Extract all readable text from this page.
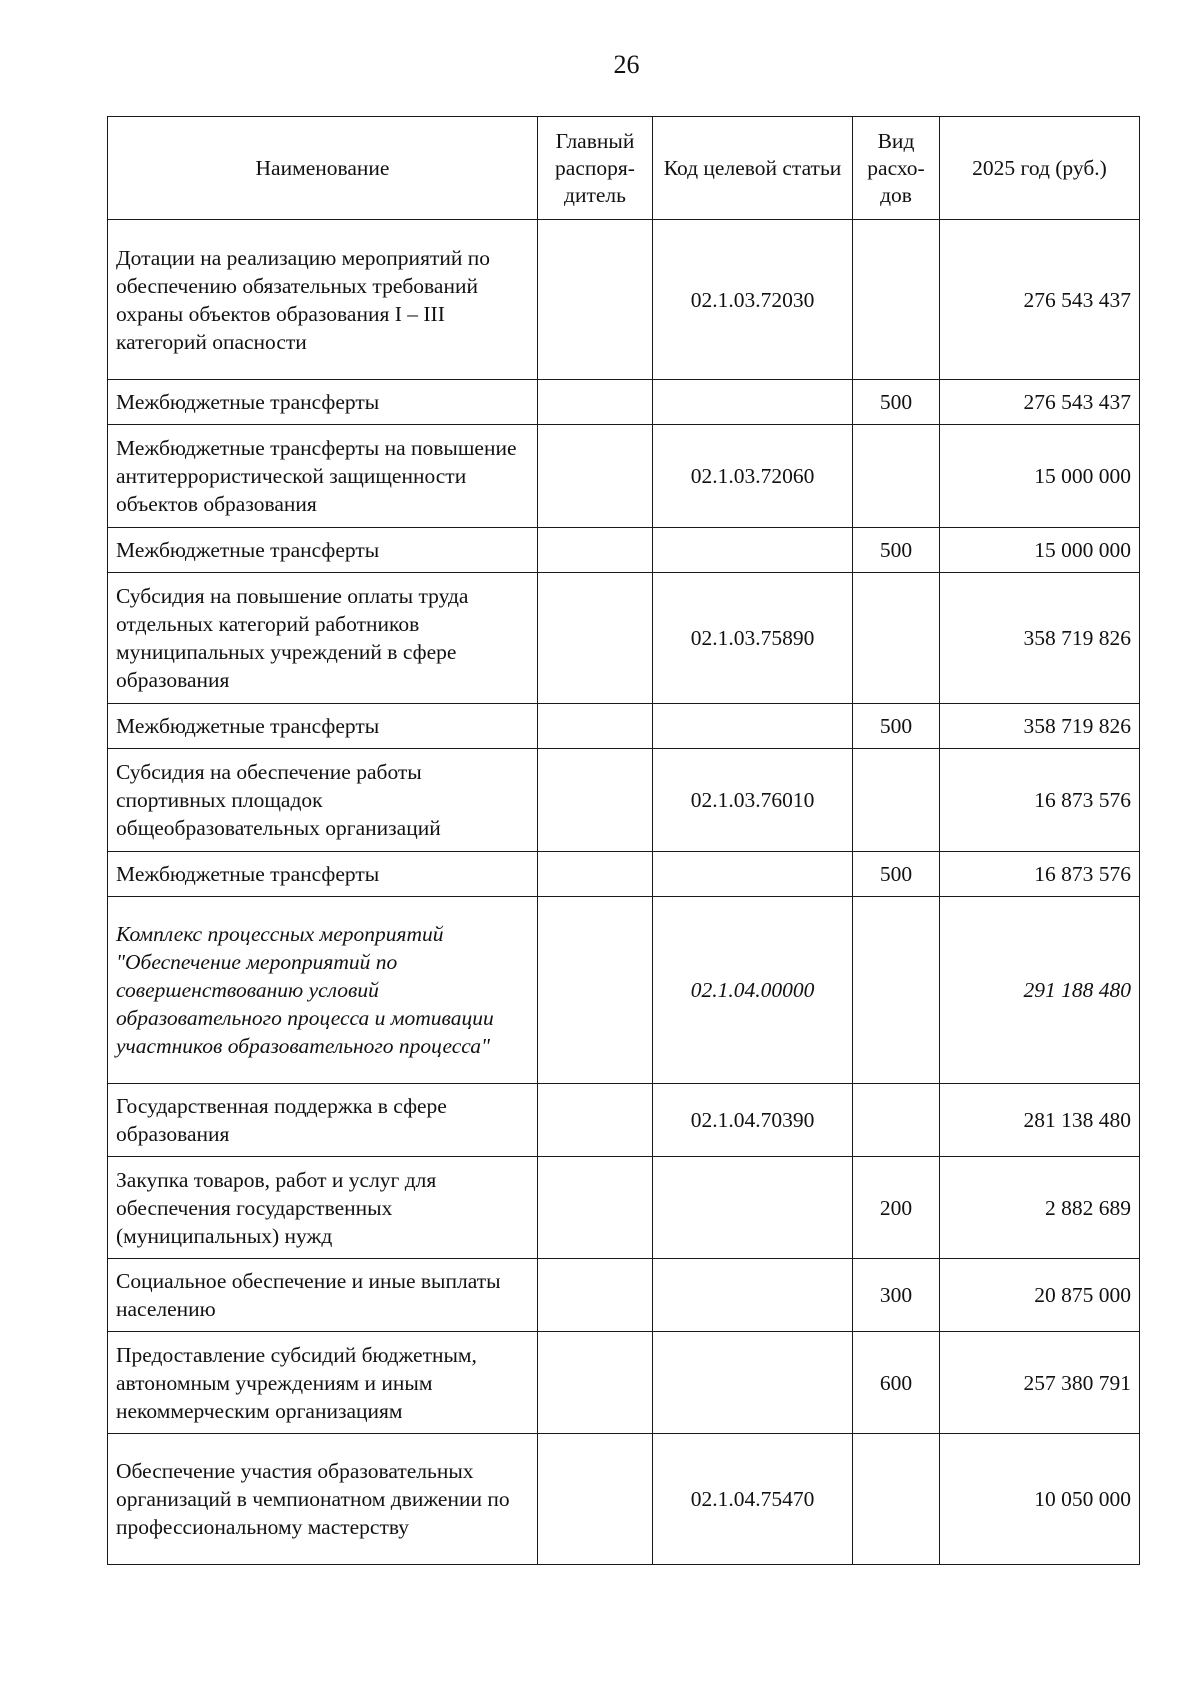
26
Наименование	Главный распоря- дитель	Код целевой статьи	Вид расхо- дов	2025 год (руб.)
Дотации на реализацию мероприятий по обеспечению обязательных требований охраны объектов образования I – III категорий опасности		02.1.03.72030		276 543 437
Межбюджетные трансферты			500	276 543 437
Межбюджетные трансферты на повышение антитеррористической защищенности объектов образования		02.1.03.72060		15 000 000
Межбюджетные трансферты			500	15 000 000
Субсидия на повышение оплаты труда отдельных категорий работников муниципальных учреждений в сфере образования		02.1.03.75890		358 719 826
Межбюджетные трансферты			500	358 719 826
Субсидия на обеспечение работы спортивных площадок общеобразовательных организаций		02.1.03.76010		16 873 576
Межбюджетные трансферты			500	16 873 576
Комплекс процессных мероприятий "Обеспечение мероприятий по совершенствованию условий образовательного процесса и мотивации участников образовательного процесса"		02.1.04.00000		291 188 480
Государственная поддержка в сфере образования		02.1.04.70390		281 138 480
Закупка товаров, работ и услуг для обеспечения государственных (муниципальных) нужд			200	2 882 689
Социальное обеспечение и иные выплаты населению			300	20 875 000
Предоставление субсидий бюджетным, автономным учреждениям и иным некоммерческим организациям			600	257 380 791
Обеспечение участия образовательных организаций в чемпионатном движении по профессиональному мастерству		02.1.04.75470		10 050 000
